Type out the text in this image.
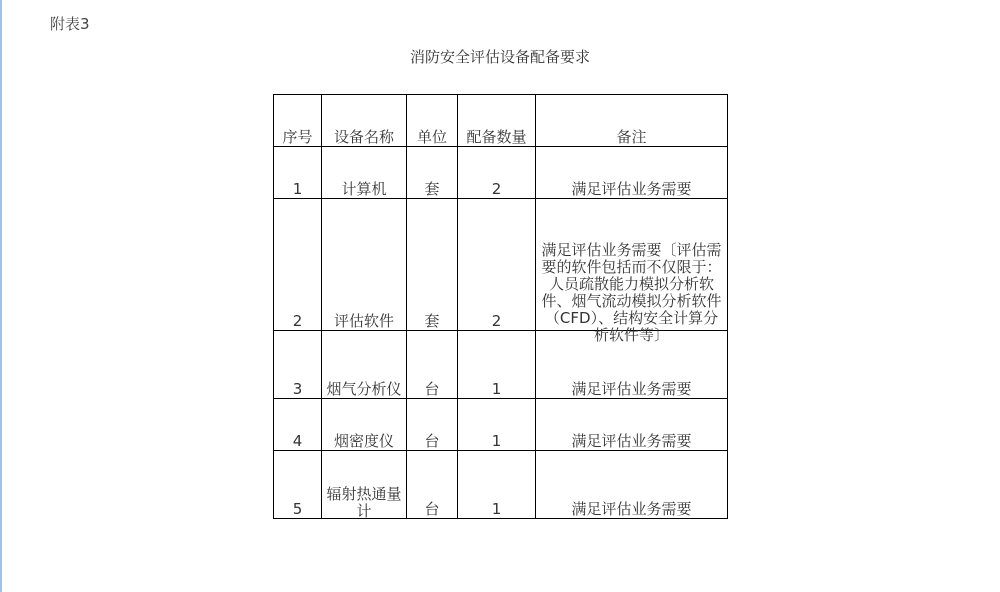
附表3
消防安全评估设备配备要求
序号	设备名称	单位	配备数量	备注
1	计算机	套	2	满足评估业务需要
2	评估软件	套	2	满足评估业务需要〔评估需要的软件包括而不仅限于：人员疏散能力模拟分析软件、烟气流动模拟分析软件（CFD）、结构安全计算分析软件等〕

3	烟气分析仪	台	1	满足评估业务需要
4	烟密度仪	台	1	满足评估业务需要
5	辐射热通量计	台	1	满足评估业务需要
